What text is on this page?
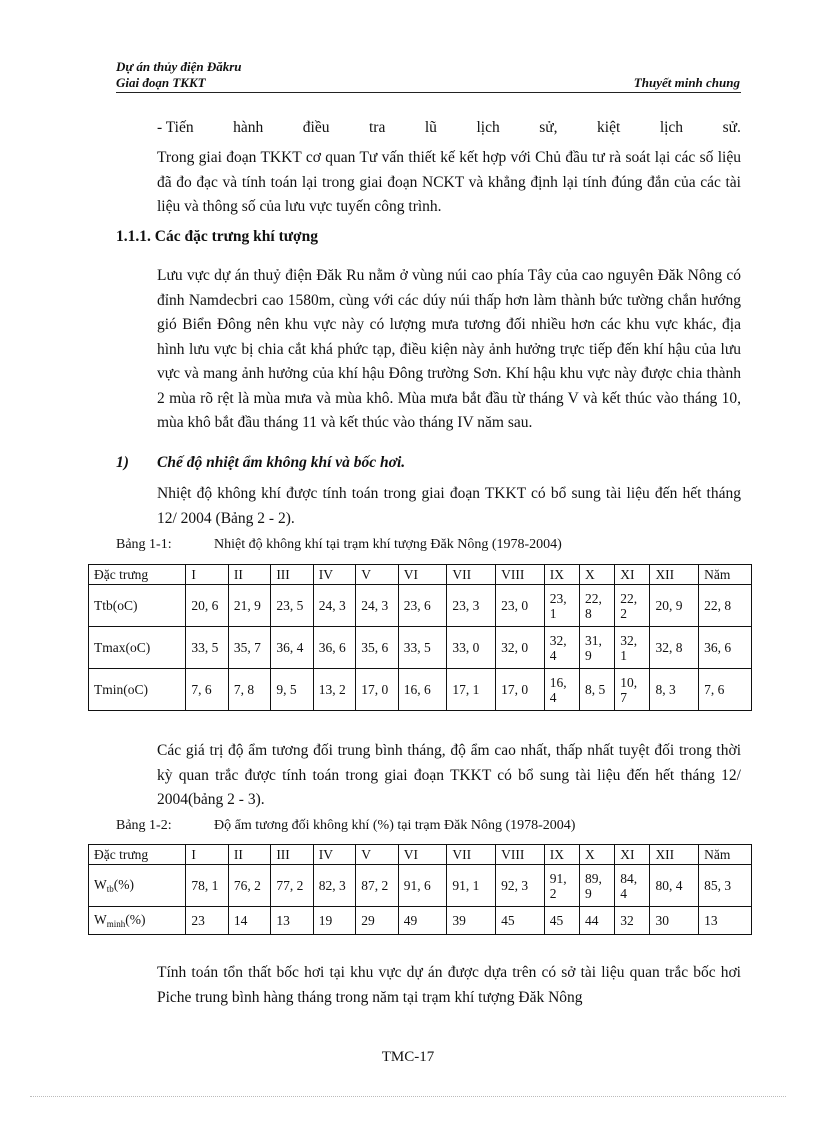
Dự án thủy điện Đăkru
Giai đoạn TKKT	Thuyết minh chung
- Tiến	hành	điều	tra	lũ	lịch	sử,	kiệt	lịch	sử.

Trong giai đoạn TKKT cơ quan Tư vấn thiết kế kết hợp với Chủ đầu tư rà soát lại các số liệu đã đo đạc và tính toán lại trong giai đoạn NCKT và khẳng định lại tính đúng đắn của các tài liệu và thông số của lưu vực tuyến công trình.

1.1.1. Các đặc trưng khí tượng

Lưu vực dự án thuỷ điện Đăk Ru nằm ở vùng núi cao phía Tây của cao nguyên Đăk Nông có đỉnh Namdecbri cao 1580m, cùng với các dúy núi thấp hơn làm thành bức tường chắn hướng gió Biển Đông nên khu vực này có lượng mưa tương đối nhiều hơn các khu vực khác, địa hình lưu vực bị chia cắt khá phức tạp, điều kiện này ảnh hưởng trực tiếp đến khí hậu của lưu vực và mang ảnh hưởng của khí hậu Đông trường Sơn. Khí hậu khu vực này được chia thành 2 mùa rõ rệt là mùa mưa và mùa khô. Mùa mưa bắt đầu từ tháng V và kết thúc vào tháng 10, mùa khô bắt đầu tháng 11 và kết thúc vào tháng IV năm sau.

1) Chế độ nhiệt ẩm không khí và bốc hơi.

Nhiệt độ không khí được tính toán trong giai đoạn TKKT có bổ sung tài liệu đến hết tháng 12/ 2004 (Bảng 2 - 2).

Bảng 1-1:	Nhiệt độ không khí tại trạm khí tượng Đăk Nông (1978-2004)
Đặc trưng	I	II	III	IV	V	VI	VII	VIII	IX	X	XI	XII	Năm
Ttb(oC)	20, 6	21, 9	23, 5	24, 3	24, 3	23, 6	23, 3	23, 0	23, 1	22, 8	22, 2	20, 9	22, 8
Tmax(oC)	33, 5	35, 7	36, 4	36, 6	35, 6	33, 5	33, 0	32, 0	32, 4	31, 9	32, 1	32, 8	36, 6
Tmin(oC)	7, 6	7, 8	9, 5	13, 2	17, 0	16, 6	17, 1	17, 0	16, 4	8, 5	10, 7	8, 3	7, 6

Các giá trị độ ẩm tương đối trung bình tháng, độ ẩm cao nhất, thấp nhất tuyệt đối trong thời kỳ quan trắc được tính toán trong giai đoạn TKKT có bổ sung tài liệu đến hết tháng 12/ 2004(bảng 2 - 3).

Bảng 1-2:	Độ ẩm tương đối không khí (%) tại trạm Đăk Nông (1978-2004)
Đặc trưng	I	II	III	IV	V	VI	VII	VIII	IX	X	XI	XII	Năm
$W_{tb}(\%)$	78, 1	76, 2	77, 2	82, 3	87, 2	91, 6	91, 1	92, 3	91, 2	89, 9	84, 4	80, 4	85, 3
$W_{minh}(\%)$	23	14	13	19	29	49	39	45	45	44	32	30	13

Tính toán tổn thất bốc hơi tại khu vực dự án được dựa trên có sở tài liệu quan trắc bốc hơi Piche trung bình hàng tháng trong năm tại trạm khí tượng Đăk Nông

TMC-17
